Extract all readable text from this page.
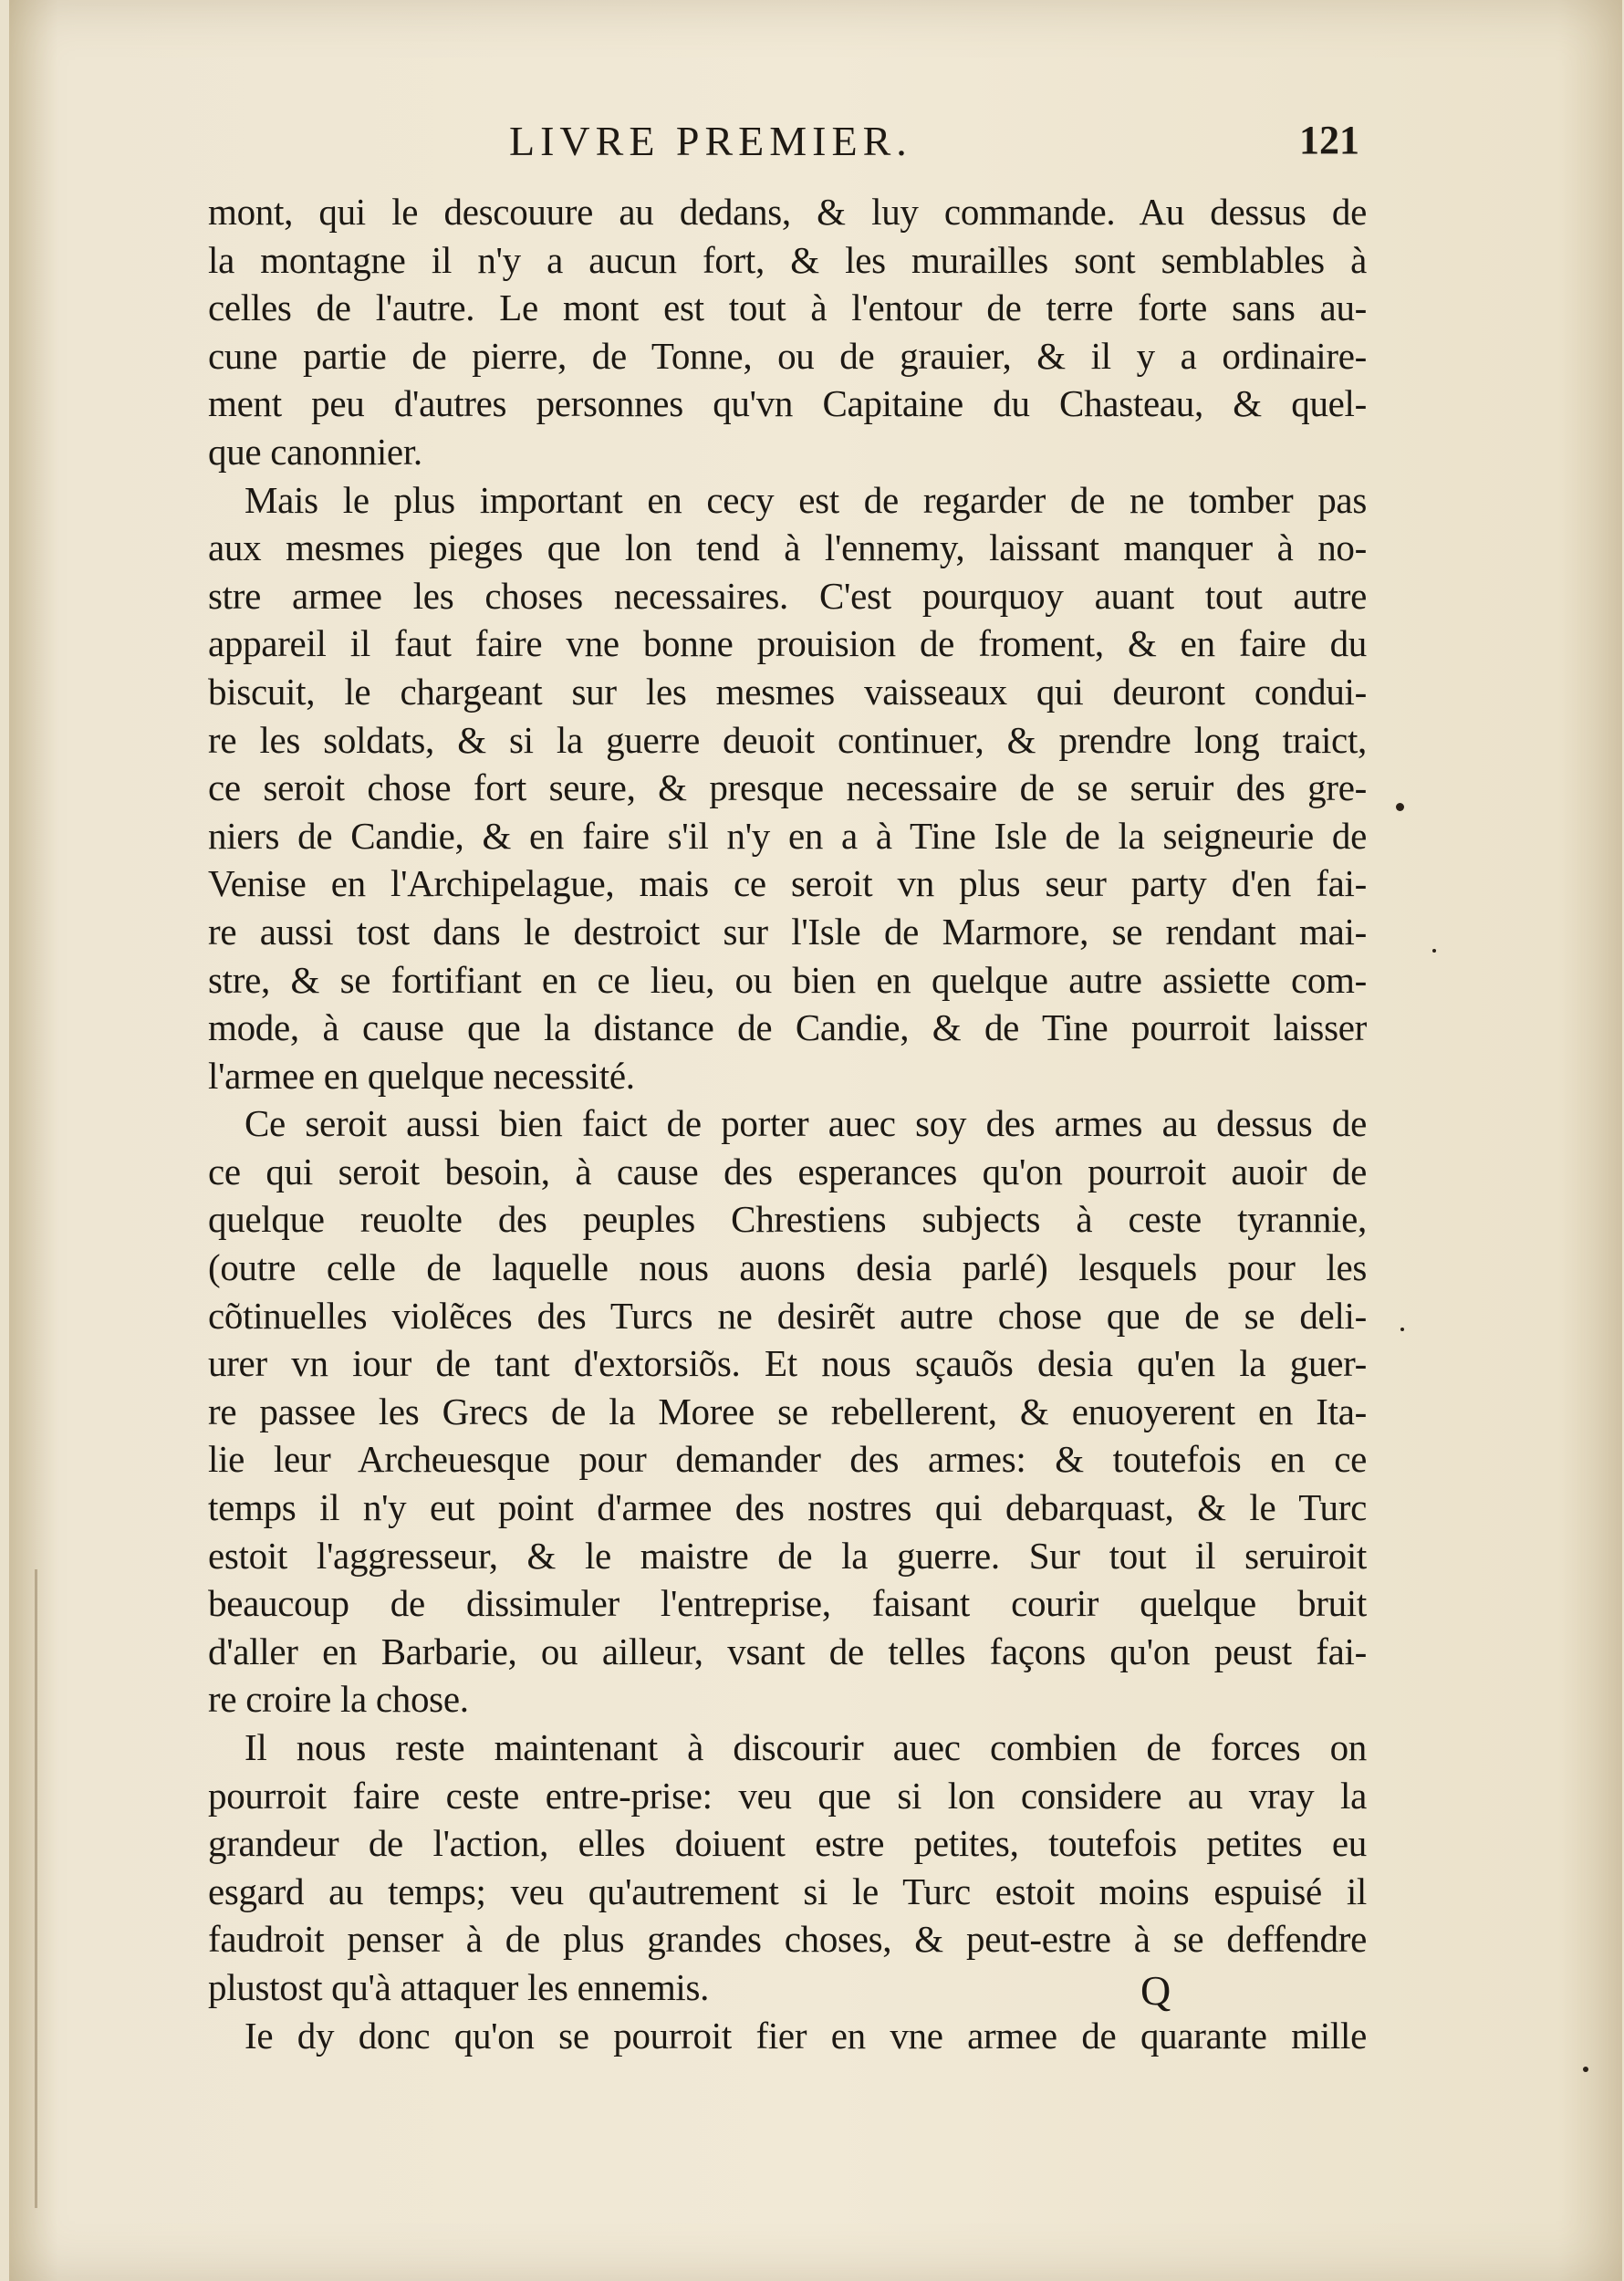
LIVRE PREMIER.	121
mont, qui le descouure au dedans, & luy commande. Au dessus de
la montagne il n'y a aucun fort, & les murailles sont semblables à
celles de l'autre. Le mont est tout à l'entour de terre forte sans au-
cune partie de pierre, de Tonne, ou de grauier, & il y a ordinaire-
ment peu d'autres personnes qu'vn Capitaine du Chasteau, & quel-
que canonnier.
Mais le plus important en cecy est de regarder de ne tomber pas
aux mesmes pieges que lon tend à l'ennemy, laissant manquer à no-
stre armee les choses necessaires. C'est pourquoy auant tout autre
appareil il faut faire vne bonne prouision de froment, & en faire du
biscuit, le chargeant sur les mesmes vaisseaux qui deuront condui-
re les soldats, & si la guerre deuoit continuer, & prendre long traict,
ce seroit chose fort seure, & presque necessaire de se seruir des gre-
niers de Candie, & en faire s'il n'y en a à Tine Isle de la seigneurie de
Venise en l'Archipelague, mais ce seroit vn plus seur party d'en fai-
re aussi tost dans le destroict sur l'Isle de Marmore, se rendant mai-
stre, & se fortifiant en ce lieu, ou bien en quelque autre assiette com-
mode, à cause que la distance de Candie, & de Tine pourroit laisser
l'armee en quelque necessité.
Ce seroit aussi bien faict de porter auec soy des armes au dessus de
ce qui seroit besoin, à cause des esperances qu'on pourroit auoir de
quelque reuolte des peuples Chrestiens subjects à ceste tyrannie,
(outre celle de laquelle nous auons desia parlé) lesquels pour les
cõtinuelles violẽces des Turcs ne desirẽt autre chose que de se deli-
urer vn iour de tant d'extorsiõs. Et nous sçauõs desia qu'en la guer-
re passee les Grecs de la Moree se rebellerent, & enuoyerent en Ita-
lie leur Archeuesque pour demander des armes: & toutefois en ce
temps il n'y eut point d'armee des nostres qui debarquast, & le Turc
estoit l'aggresseur, & le maistre de la guerre. Sur tout il seruiroit
beaucoup de dissimuler l'entreprise, faisant courir quelque bruit
d'aller en Barbarie, ou ailleur, vsant de telles façons qu'on peust fai-
re croire la chose.
Il nous reste maintenant à discourir auec combien de forces on
pourroit faire ceste entre-prise: veu que si lon considere au vray la
grandeur de l'action, elles doiuent estre petites, toutefois petites eu
esgard au temps; veu qu'autrement si le Turc estoit moins espuisé il
faudroit penser à de plus grandes choses, & peut-estre à se deffendre
plustost qu'à attaquer les ennemis.
Ie dy donc qu'on se pourroit fier en vne armee de quarante mille
Q
